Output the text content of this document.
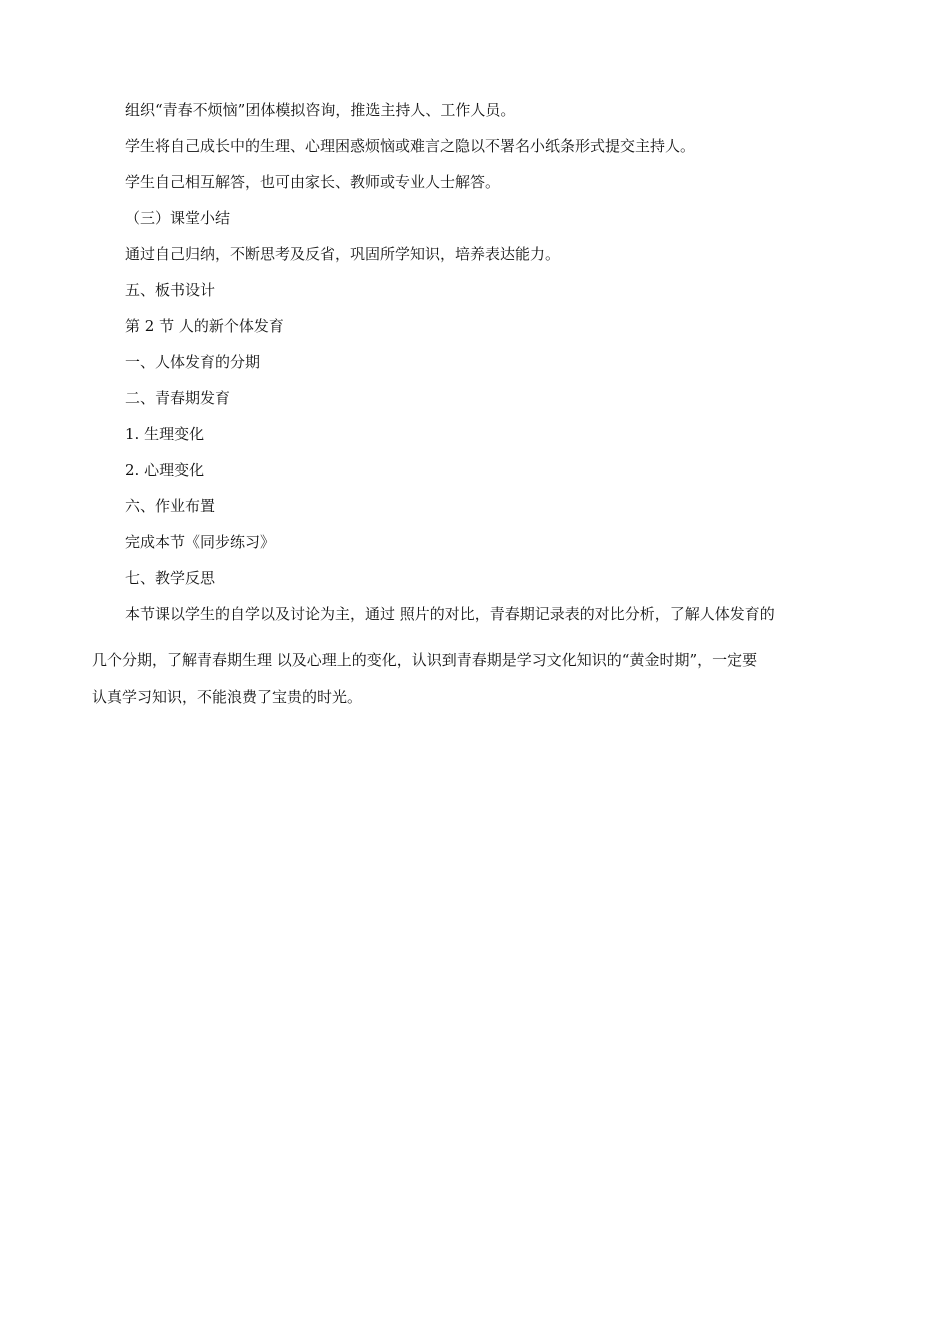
组织“青春不烦恼”团体模拟咨询，推选主持人、工作人员。
学生将自己成长中的生理、心理困惑烦恼或难言之隐以不署名小纸条形式提交主持人。
学生自己相互解答，也可由家长、教师或专业人士解答。
（三）课堂小结
通过自己归纳，不断思考及反省，巩固所学知识，培养表达能力。
五、板书设计
第 2 节 人的新个体发育
一、人体发育的分期
二、青春期发育
1. 生理变化
2. 心理变化
六、作业布置
完成本节《同步练习》
七、教学反思
本节课以学生的自学以及讨论为主，通过 照片的对比，青春期记录表的对比分析，了解人体发育的
几个分期，了解青春期生理 以及心理上的变化，认识到青春期是学习文化知识的“黄金时期”，一定要
认真学习知识，不能浪费了宝贵的时光。
